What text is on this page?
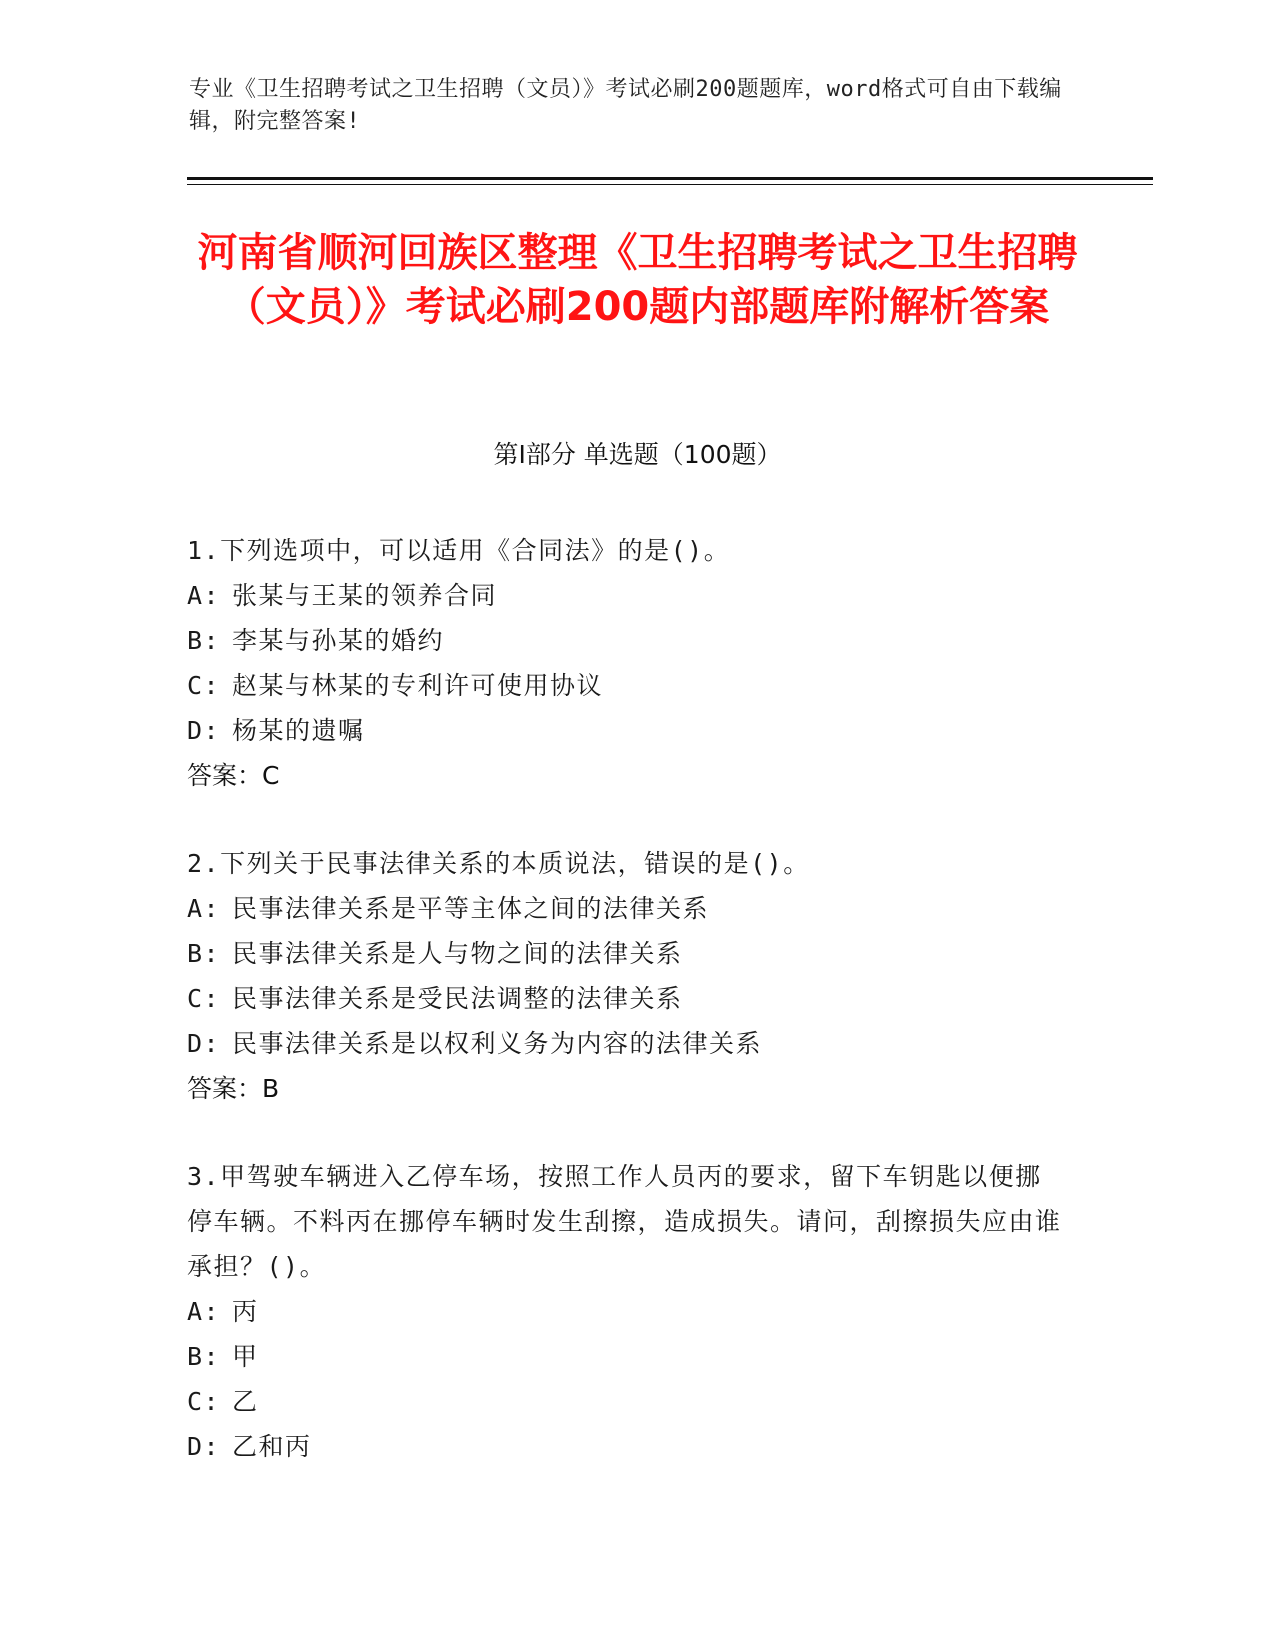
专业《卫生招聘考试之卫生招聘（文员）》考试必刷200题题库，word格式可自由下载编辑，附完整答案!
河南省顺河回族区整理《卫生招聘考试之卫生招聘（文员）》考试必刷200题内部题库附解析答案
第I部分 单选题（100题）
1.下列选项中，可以适用《合同法》的是()。
A: 张某与王某的领养合同
B: 李某与孙某的婚约
C: 赵某与林某的专利许可使用协议
D: 杨某的遗嘱
答案：C
2.下列关于民事法律关系的本质说法，错误的是()。
A: 民事法律关系是平等主体之间的法律关系
B: 民事法律关系是人与物之间的法律关系
C: 民事法律关系是受民法调整的法律关系
D: 民事法律关系是以权利义务为内容的法律关系
答案：B
3.甲驾驶车辆进入乙停车场，按照工作人员丙的要求，留下车钥匙以便挪停车辆。不料丙在挪停车辆时发生刮擦，造成损失。请问，刮擦损失应由谁承担？()。
A: 丙
B: 甲
C: 乙
D: 乙和丙
